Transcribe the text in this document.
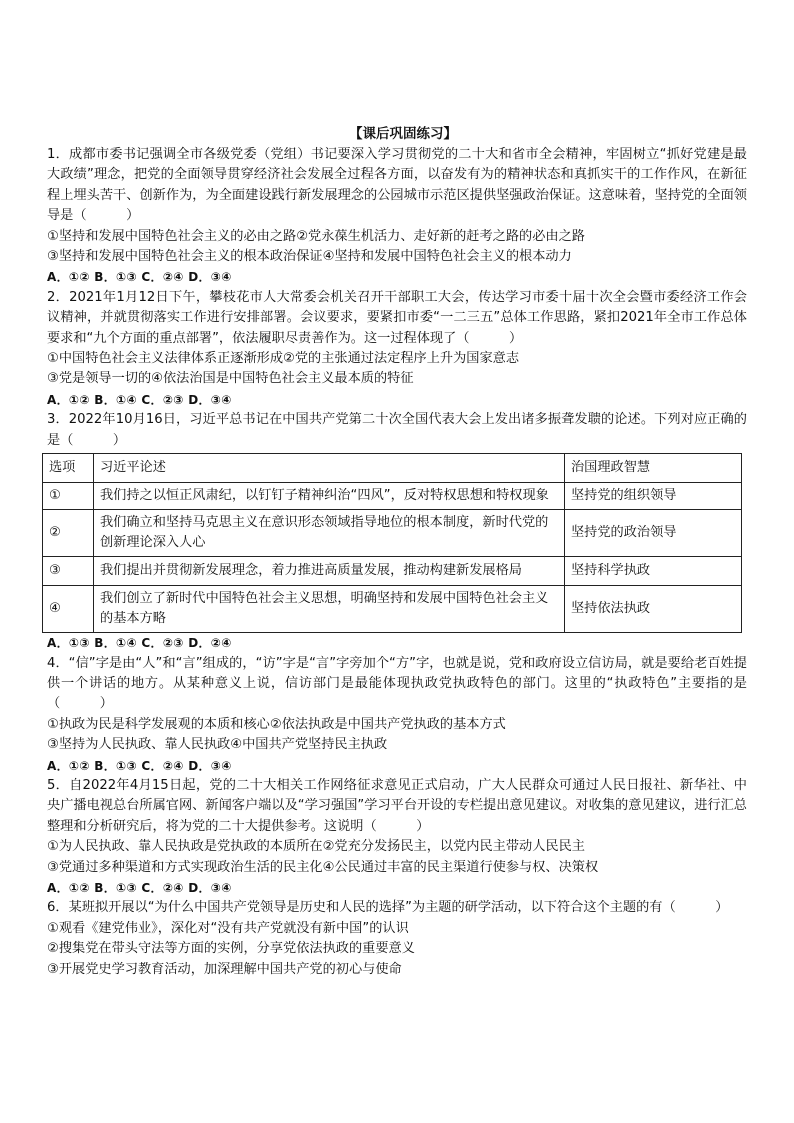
【课后巩固练习】

1．成都市委书记强调全市各级党委（党组）书记要深入学习贯彻党的二十大和省市全会精神，牢固树立“抓好党建是最大政绩”理念，把党的全面领导贯穿经济社会发展全过程各方面，以奋发有为的精神状态和真抓实干的工作作风，在新征程上埋头苦干、创新作为，为全面建设践行新发展理念的公园城市示范区提供坚强政治保证。这意味着，坚持党的全面领导是（　　　）

①坚持和发展中国特色社会主义的必由之路②党永葆生机活力、走好新的赶考之路的必由之路

③坚持和发展中国特色社会主义的根本政治保证④坚持和发展中国特色社会主义的根本动力

A．①② B．①③ C．②④ D．③④

2．2021年1月12日下午，攀枝花市人大常委会机关召开干部职工大会，传达学习市委十届十次全会暨市委经济工作会议精神，并就贯彻落实工作进行安排部署。会议要求，要紧扣市委“一二三五”总体工作思路，紧扣2021年全市工作总体要求和“九个方面的重点部署”，依法履职尽责善作为。这一过程体现了（　　　）

①中国特色社会主义法律体系正逐渐形成②党的主张通过法定程序上升为国家意志

③党是领导一切的④依法治国是中国特色社会主义最本质的特征

A．①② B．①④ C．②③ D．③④

3．2022年10月16日，习近平总书记在中国共产党第二十次全国代表大会上发出诸多振聋发聩的论述。下列对应正确的是（　　　）

选项	习近平论述	治国理政智慧
①	我们持之以恒正风肃纪，以钉钉子精神纠治“四风”，反对特权思想和特权现象	坚持党的组织领导
②	我们确立和坚持马克思主义在意识形态领域指导地位的根本制度，新时代党的创新理论深入人心	坚持党的政治领导
③	我们提出并贯彻新发展理念，着力推进高质量发展，推动构建新发展格局	坚持科学执政
④	我们创立了新时代中国特色社会主义思想，明确坚持和发展中国特色社会主义的基本方略	坚持依法执政

A．①③ B．①④ C．②③ D．②④

4．“信”字是由“人”和“言”组成的，“访”字是“言”字旁加个“方”字，也就是说，党和政府设立信访局，就是要给老百姓提供一个讲话的地方。从某种意义上说，信访部门是最能体现执政党执政特色的部门。这里的“执政特色”主要指的是（　　　）

①执政为民是科学发展观的本质和核心②依法执政是中国共产党执政的基本方式

③坚持为人民执政、靠人民执政④中国共产党坚持民主执政

A．①② B．①③ C．②④ D．③④

5．自2022年4月15日起，党的二十大相关工作网络征求意见正式启动，广大人民群众可通过人民日报社、新华社、中央广播电视总台所属官网、新闻客户端以及“学习强国”学习平台开设的专栏提出意见建议。对收集的意见建议，进行汇总整理和分析研究后，将为党的二十大提供参考。这说明（　　　）

①为人民执政、靠人民执政是党执政的本质所在②党充分发扬民主，以党内民主带动人民民主

③党通过多种渠道和方式实现政治生活的民主化④公民通过丰富的民主渠道行使参与权、决策权

A．①② B．①③ C．②④ D．③④

6．某班拟开展以“为什么中国共产党领导是历史和人民的选择”为主题的研学活动，以下符合这个主题的有（　　　）

①观看《建党伟业》，深化对“没有共产党就没有新中国”的认识

②搜集党在带头守法等方面的实例，分享党依法执政的重要意义

③开展党史学习教育活动，加深理解中国共产党的初心与使命
